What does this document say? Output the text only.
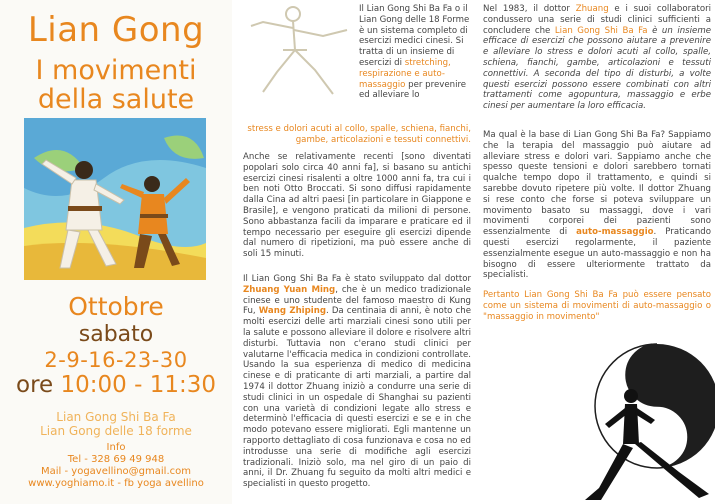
Lian Gong
I movimenti
della salute
Ottobre
sabato
2-9-16-23-30
ore 10:00 - 11:30
Lian Gong Shi Ba Fa
Lian Gong delle 18 forme
Info
Tel - 328 69 49 948
Mail - yogavellino@gmail.com
www.yoghiamo.it - fb yoga avellino
Il Lian Gong Shi Ba Fa o il Lian Gong delle 18 Forme è un sistema completo di esercizi medici cinesi. Si tratta di un insieme di esercizi di stretching, respirazione e auto-massaggio per prevenire ed alleviare lo
stress e dolori acuti al collo, spalle, schiena, fianchi, gambe, articolazioni e tessuti connettivi.
Anche se relativamente recenti [sono diventati popolari solo circa 40 anni fa], si basano su antichi esercizi cinesi risalenti a oltre 1000 anni fa, tra cui i ben noti Otto Broccati. Si sono diffusi rapidamente dalla Cina ad altri paesi [in particolare in Giappone e Brasile], e vengono praticati da milioni di persone. Sono abbastanza facili da imparare e praticare ed il tempo necessario per eseguire gli esercizi dipende dal numero di ripetizioni, ma può essere anche di soli 15 minuti.
Il Lian Gong Shi Ba Fa è stato sviluppato dal dottor Zhuang Yuan Ming, che è un medico tradizionale cinese e uno studente del famoso maestro di Kung Fu, Wang Zhiping. Da centinaia di anni, è noto che molti esercizi delle arti marziali cinesi sono utili per la salute e possono alleviare il dolore e risolvere altri disturbi. Tuttavia non c'erano studi clinici per valutarne l'efficacia medica in condizioni controllate. Usando la sua esperienza di medico di medicina cinese e di praticante di arti marziali, a partire dal 1974 il dottor Zhuang iniziò a condurre una serie di studi clinici in un ospedale di Shanghai su pazienti con una varietà di condizioni legate allo stress e determinò l'efficacia di questi esercizi e se e in che modo potevano essere migliorati. Egli mantenne un rapporto dettagliato di cosa funzionava e cosa no ed introdusse una serie di modifiche agli esercizi tradizionali. Iniziò solo, ma nel giro di un paio di anni, il Dr. Zhuang fu seguito da molti altri medici e specialisti in questo progetto.
Nel 1983, il dottor Zhuang e i suoi collaboratori condussero una serie di studi clinici sufficienti a concludere che Lian Gong Shi Ba Fa è un insieme efficace di esercizi che possono aiutare a prevenire e alleviare lo stress e dolori acuti al collo, spalle, schiena, fianchi, gambe, articolazioni e tessuti connettivi. A seconda del tipo di disturbi, a volte questi esercizi possono essere combinati con altri trattamenti come agopuntura, massaggio e erbe cinesi per aumentare la loro efficacia.
Ma qual è la base di Lian Gong Shi Ba Fa? Sappiamo che la terapia del massaggio può aiutare ad alleviare stress e dolori vari. Sappiamo anche che spesso queste tensioni e dolori sarebbero tornati qualche tempo dopo il trattamento, e quindi si sarebbe dovuto ripetere più volte. Il dottor Zhuang si rese conto che forse si poteva sviluppare un movimento basato su massaggi, dove i vari movimenti corporei dei pazienti sono essenzialmente di auto-massaggio. Praticando questi esercizi regolarmente, il paziente essenzialmente esegue un auto-massaggio e non ha bisogno di essere ulteriormente trattato da specialisti.
Pertanto Lian Gong Shi Ba Fa può essere pensato come un sistema di movimenti di auto-massaggio o "massaggio in movimento"
